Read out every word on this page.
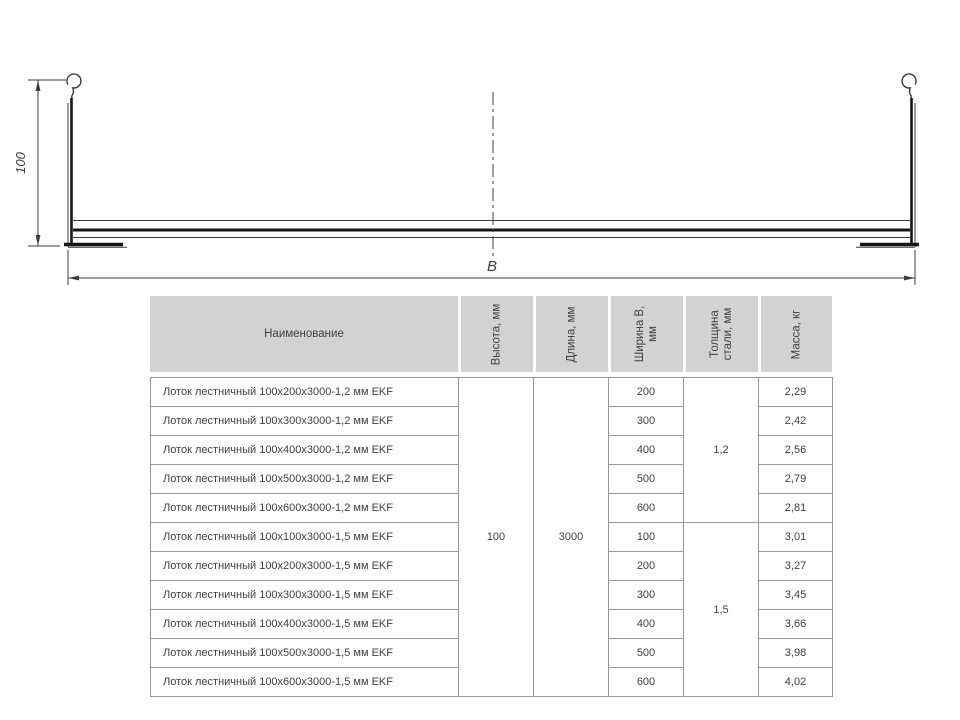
100
B
Наименование	Высота, мм	Длина, мм	Ширина В, мм	Толщина стали, мм	Масса, кг
Лоток лестничный 100х200х3000-1,2 мм EKF	100	3000	200	1,2	2,29
Лоток лестничный 100х300х3000-1,2 мм EKF			300		2,42
Лоток лестничный 100х400х3000-1,2 мм EKF			400		2,56
Лоток лестничный 100х500х3000-1,2 мм EKF			500		2,79
Лоток лестничный 100х600х3000-1,2 мм EKF			600		2,81
Лоток лестничный 100х100х3000-1,5 мм EKF			100	1,5	3,01
Лоток лестничный 100х200х3000-1,5 мм EKF			200		3,27
Лоток лестничный 100х300х3000-1,5 мм EKF			300		3,45
Лоток лестничный 100х400х3000-1,5 мм EKF			400		3,66
Лоток лестничный 100х500х3000-1,5 мм EKF			500		3,98
Лоток лестничный 100х600х3000-1,5 мм EKF			600		4,02
